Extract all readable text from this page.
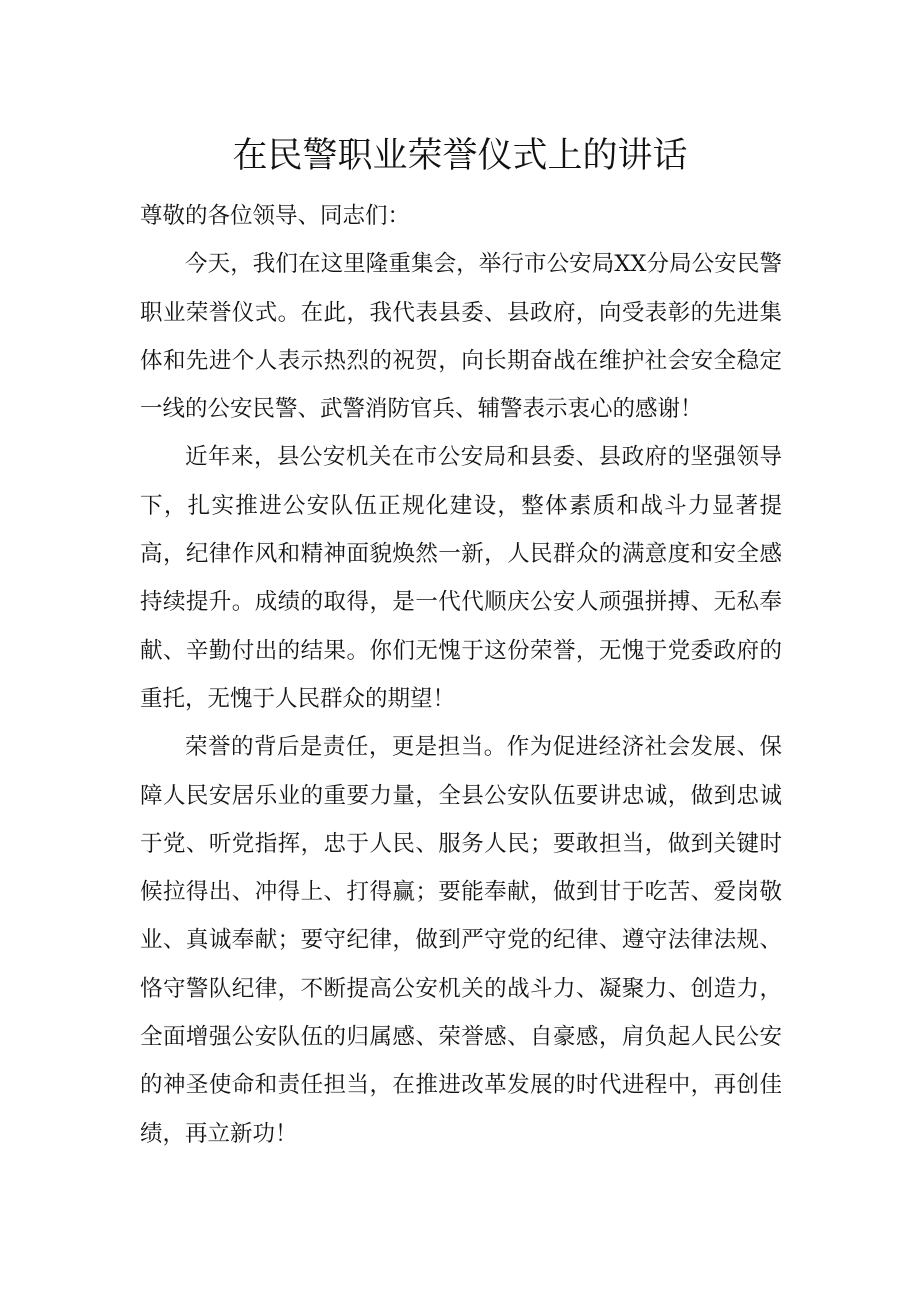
在民警职业荣誉仪式上的讲话

尊敬的各位领导、同志们：

今天，我们在这里隆重集会，举行市公安局XX分局公安民警职业荣誉仪式。在此，我代表县委、县政府，向受表彰的先进集体和先进个人表示热烈的祝贺，向长期奋战在维护社会安全稳定一线的公安民警、武警消防官兵、辅警表示衷心的感谢！

近年来，县公安机关在市公安局和县委、县政府的坚强领导下，扎实推进公安队伍正规化建设，整体素质和战斗力显著提高，纪律作风和精神面貌焕然一新，人民群众的满意度和安全感持续提升。成绩的取得，是一代代顺庆公安人顽强拼搏、无私奉献、辛勤付出的结果。你们无愧于这份荣誉，无愧于党委政府的重托，无愧于人民群众的期望！

荣誉的背后是责任，更是担当。作为促进经济社会发展、保障人民安居乐业的重要力量，全县公安队伍要讲忠诚，做到忠诚于党、听党指挥，忠于人民、服务人民；要敢担当，做到关键时候拉得出、冲得上、打得赢；要能奉献，做到甘于吃苦、爱岗敬业、真诚奉献；要守纪律，做到严守党的纪律、遵守法律法规、恪守警队纪律，不断提高公安机关的战斗力、凝聚力、创造力，全面增强公安队伍的归属感、荣誉感、自豪感，肩负起人民公安的神圣使命和责任担当，在推进改革发展的时代进程中，再创佳绩，再立新功！
